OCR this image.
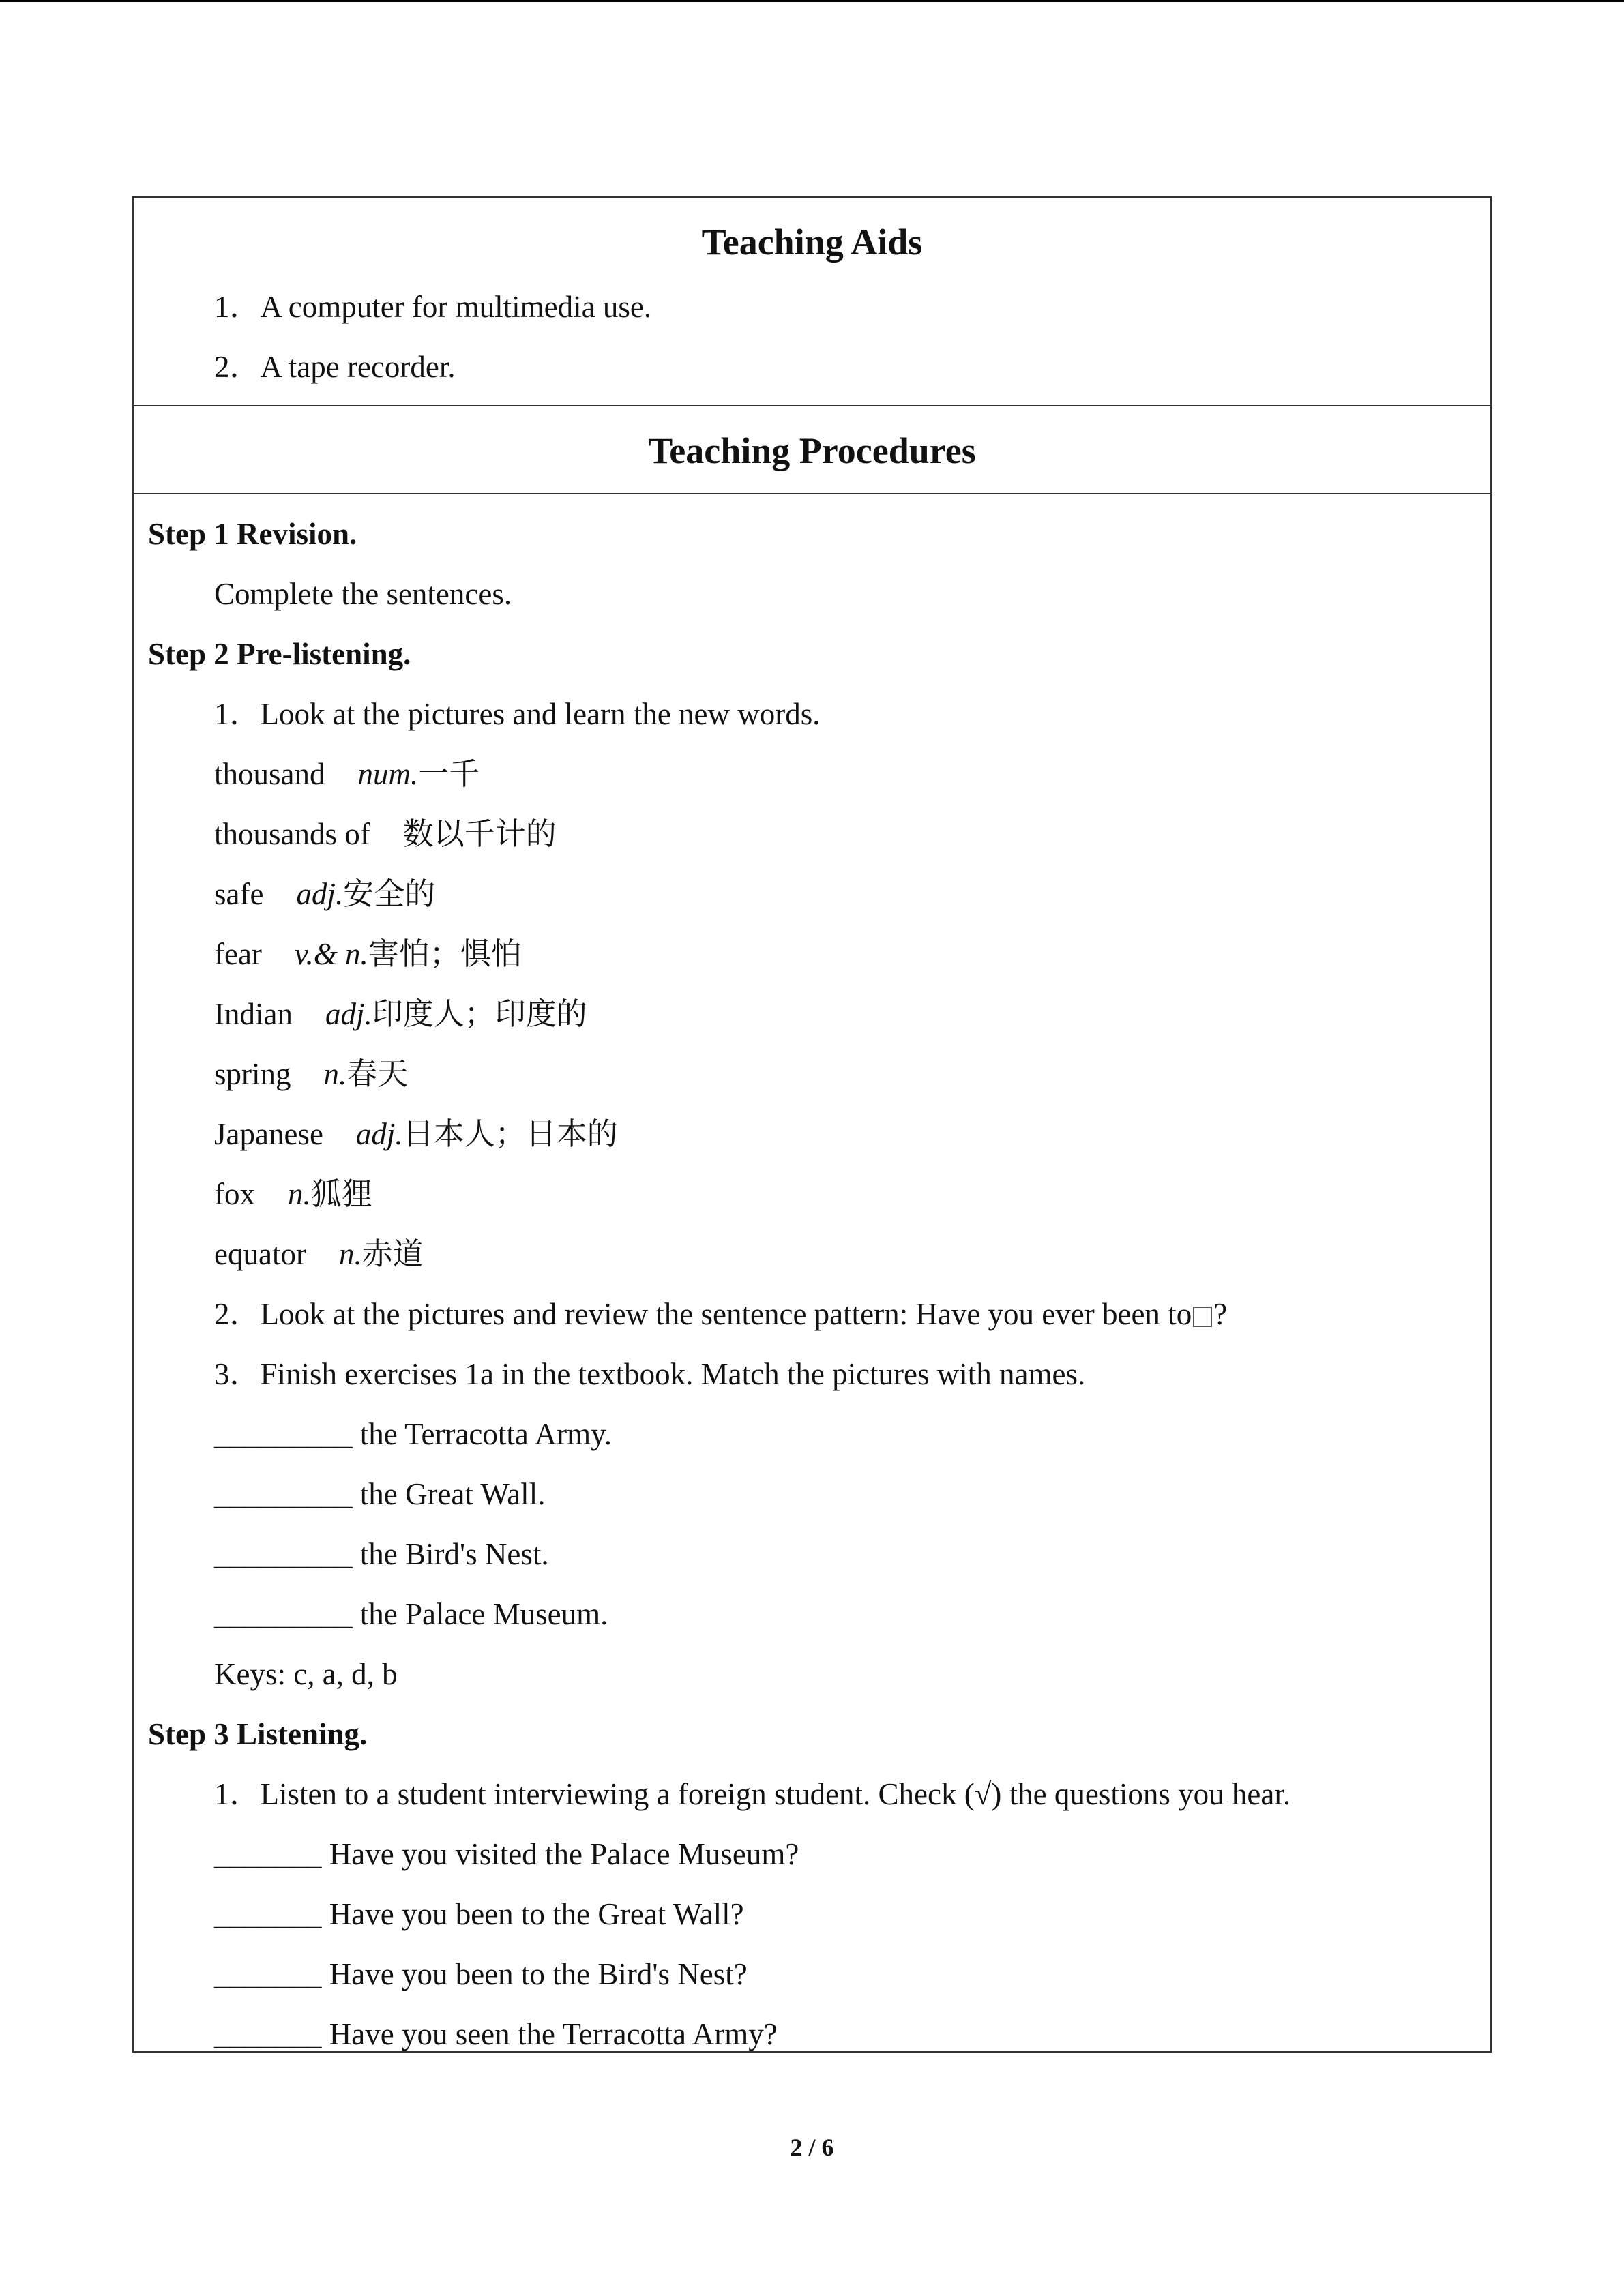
Teaching Aids

1．A computer for multimedia use.

2．A tape recorder.

Teaching Procedures

Step 1 Revision.

Complete the sentences.

Step 2 Pre-listening.

1．Look at the pictures and learn the new words.

thousand num.一千

thousands of 数以千计的

safe adj.安全的

fear v.& n.害怕；惧怕

Indian adj.印度人；印度的

spring n.春天

Japanese adj.日本人；日本的

fox n.狐狸

equator n.赤道

2．Look at the pictures and review the sentence pattern: Have you ever been to ?

3．Finish exercises 1a in the textbook. Match the pictures with names.

_________ the Terracotta Army.

_________ the Great Wall.

_________ the Bird's Nest.

_________ the Palace Museum.

Keys: c, a, d, b

Step 3 Listening.

1．Listen to a student interviewing a foreign student. Check (√) the questions you hear.

_______ Have you visited the Palace Museum?

_______ Have you been to the Great Wall?

_______ Have you been to the Bird's Nest?

_______ Have you seen the Terracotta Army?

2 / 6
